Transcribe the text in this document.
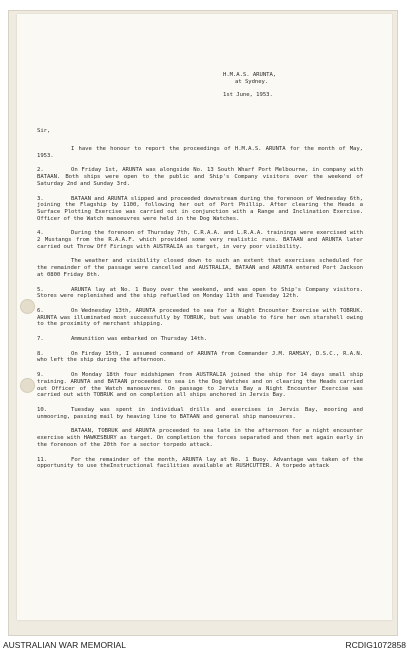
H.M.A.S. ARUNTA,
at Sydney.
1st June, 1953.
Sir,
I have the honour to report the proceedings of H.M.A.S. ARUNTA for the month of May, 1953.
2.	On Friday 1st, ARUNTA was alongside No. 13 South Wharf Port Melbourne, in company with BATAAN. Both ships were open to the public and Ship's Company visitors over the weekend of Saturday 2nd and Sunday 3rd.
3.	BATAAN and ARUNTA slipped and proceeded downstream during the forenoon of Wednesday 6th, joining the Flagship by 1100, following her out of Port Phillip. After clearing the Heads a Surface Plotting Exercise was carried out in conjunction with a Range and Inclination Exercise. Officer of the Watch manoeuvres were held in the Dog Watches.
4.	During the forenoon of Thursday 7th, C.R.A.A. and L.R.A.A. trainings were exercised with 2 Mustangs from the R.A.A.F. which provided some very realistic runs. BATAAN and ARUNTA later carried out Throw Off Firings with AUSTRALIA as target, in very poor visibility.
The weather and visibility closed down to such an extent that exercises scheduled for the remainder of the passage were cancelled and AUSTRALIA, BATAAN and ARUNTA entered Port Jackson at 0800 Friday 8th.
5.	ARUNTA lay at No. 1 Buoy over the weekend, and was open to Ship's Company visitors. Stores were replenished and the ship refuelled on Monday 11th and Tuesday 12th.
6.	On Wednesday 13th, ARUNTA proceeded to sea for a Night Encounter Exercise with TOBRUK. ARUNTA was illuminated most successfully by TOBRUK, but was unable to fire her own starshell owing to the proximity of merchant shipping.
7.	Ammunition was embarked on Thursday 14th.
8.	On Firday 15th, I assumed command of ARUNTA from Commander J.M. RAMSAY, D.S.C., R.A.N. who left the ship during the afternoon.
9.	On Monday 18th four midshipmen from AUSTRALIA joined the ship for 14 days small ship training. ARUNTA and BATAAN proceeded to sea in the Dog Watches and on clearing the Heads carried out Officer of the Watch manoeuvres. On passage to Jervis Bay a Night Encounter Exercise was carried out with TOBRUK and on completion all ships anchored in Jervis Bay.
10.	Tuesday was spent in individual drills and exercises in Jervis Bay, mooring and unmooring, passing mail by heaving line to BATAAN and general ship manoeuvres.
BATAAN, TOBRUK and ARUNTA proceeded to sea late in the afternoon for a night encounter exercise with HAWKESBURY as target. On completion the forces separated and then met again early in the forenoon of the 20th for a sector torpedo attack.
11.	For the remainder of the month, ARUNTA lay at No. 1 Buoy. Advantage was taken of the opportunity to use theInstructional facilities available at RUSHCUTTER. A torpedo attack
AUSTRALIAN WAR MEMORIAL	RCDIG1072858
